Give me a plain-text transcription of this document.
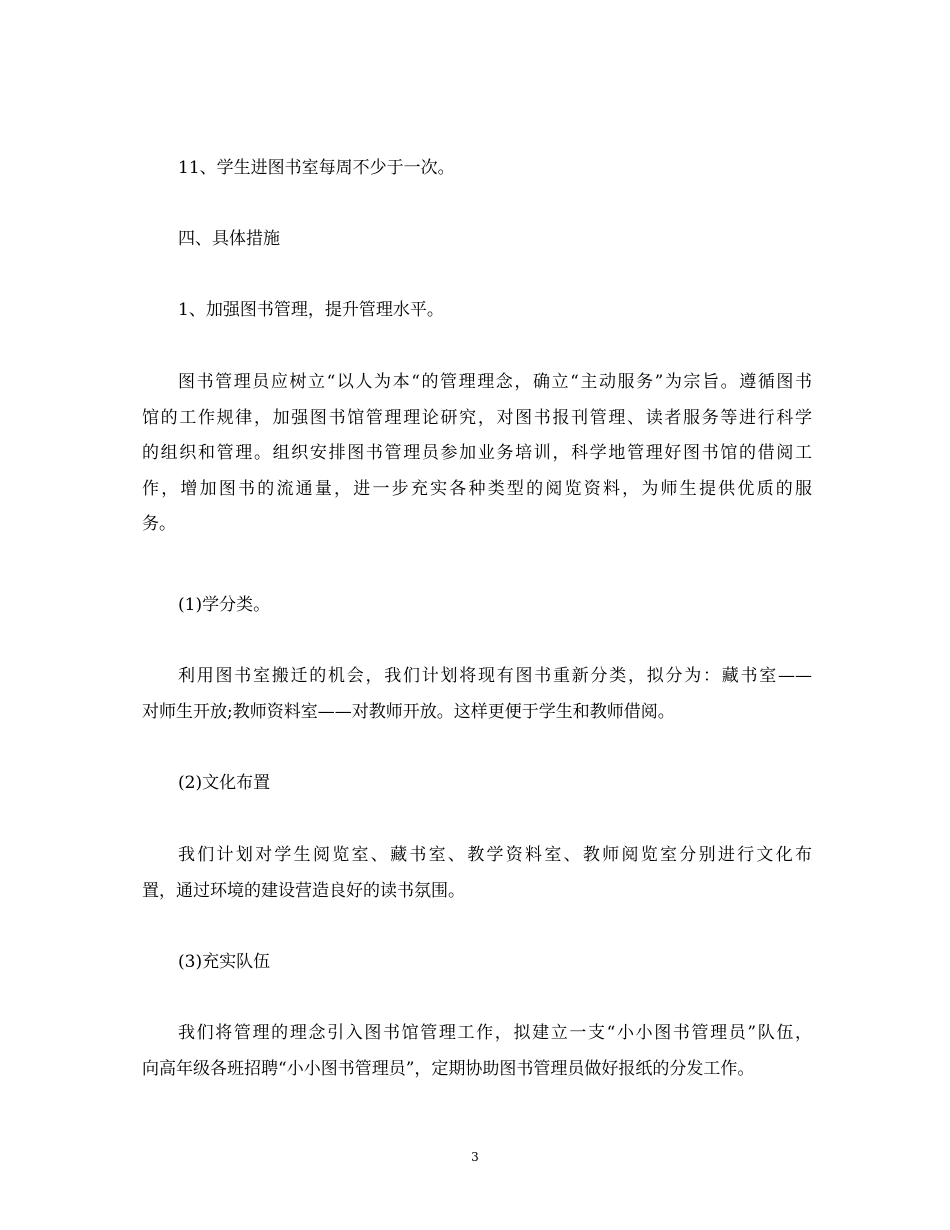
11、学生进图书室每周不少于一次。

四、具体措施

1、加强图书管理，提升管理水平。

图书管理员应树立“以人为本“的管理理念，确立“主动服务”为宗旨。遵循图书
馆的工作规律，加强图书馆管理理论研究，对图书报刊管理、读者服务等进行科学
的组织和管理。组织安排图书管理员参加业务培训，科学地管理好图书馆的借阅工
作，增加图书的流通量，进一步充实各种类型的阅览资料，为师生提供优质的服
务。

(1)学分类。

利用图书室搬迁的机会，我们计划将现有图书重新分类，拟分为：藏书室——
对师生开放;教师资料室——对教师开放。这样更便于学生和教师借阅。

(2)文化布置

我们计划对学生阅览室、藏书室、教学资料室、教师阅览室分别进行文化布
置，通过环境的建设营造良好的读书氛围。

(3)充实队伍

我们将管理的理念引入图书馆管理工作，拟建立一支“小小图书管理员”队伍，
向高年级各班招聘“小小图书管理员”，定期协助图书管理员做好报纸的分发工作。

3
